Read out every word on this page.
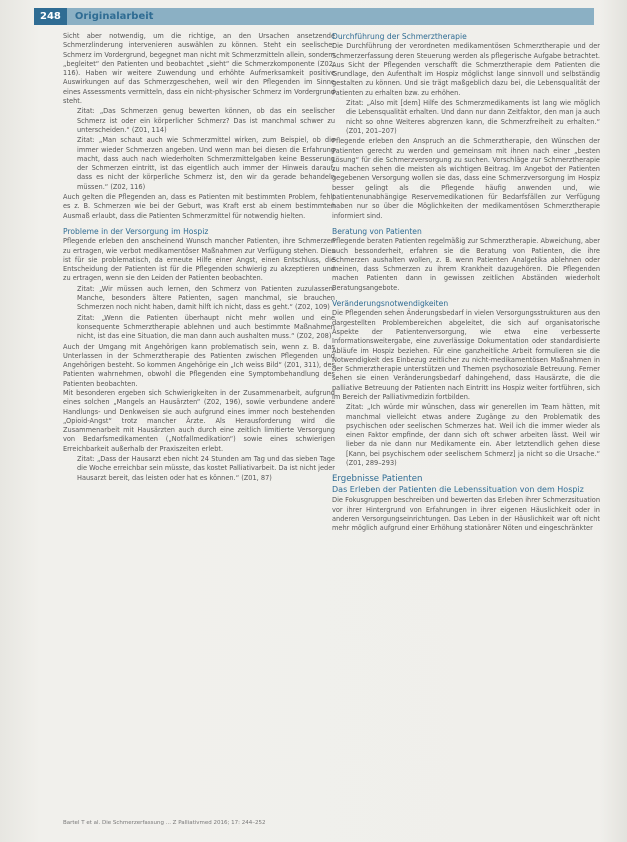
248	Originalarbeit

Sicht aber notwendig, um die richtige, an den Ursachen ansetzende Schmerzlinderung intervenieren auswählen zu können. Steht ein seelischer Schmerz im Vordergrund, begegnet man nicht mit Schmerzmitteln allein, sondern „begleitet“ den Patienten und beobachtet „sieht“ die Schmerzkomponente (Z02, 116). Haben wir weitere Zuwendung und erhöhte Aufmerksamkeit positive Auswirkungen auf das Schmerzgeschehen, weil wir den Pflegenden im Sinne eines Assessments vermitteln, dass ein nicht-physischer Schmerz im Vordergrund steht.

Zitat: „Das Schmerzen genug bewerten können, ob das ein seelischer Schmerz ist oder ein körperlicher Schmerz? Das ist manchmal schwer zu unterscheiden.“ (Z01, 114)

Zitat: „Man schaut auch wie Schmerzmittel wirken, zum Beispiel, ob die immer wieder Schmerzen angeben. Und wenn man bei diesen die Erfahrung macht, dass auch nach wiederholten Schmerzmittelgaben keine Besserung der Schmerzen eintritt, ist das eigentlich auch immer der Hinweis darauf, dass es nicht der körperliche Schmerz ist, den wir da gerade behandeln müssen.“ (Z02, 116)

Auch gelten die Pflegenden an, dass es Patienten mit bestimmten Problem, fehlt es z. B. Schmerzen wie bei der Geburt, was Kraft erst ab einem bestimmten Ausmaß erlaubt, dass die Patienten Schmerzmittel für notwendig hielten.

Probleme in der Versorgung im Hospiz

Pflegende erleben den anscheinend Wunsch mancher Patienten, ihre Schmerzen zu ertragen, wie verbot medikamentöser Maßnahmen zur Verfügung stehen. Dies ist für sie problematisch, da erneute Hilfe einer Angst, einen Entschluss, die Entscheidung der Patienten ist für die Pflegenden schwierig zu akzeptieren und zu ertragen, wenn sie den Leiden der Patienten beobachten.

Zitat: „Wir müssen auch lernen, den Schmerz von Patienten zuzulassen. Manche, besonders ältere Patienten, sagen manchmal, sie brauchen Schmerzen noch nicht haben, damit hilft ich nicht, dass es geht.“ (Z02, 109)

Zitat: „Wenn die Patienten überhaupt nicht mehr wollen und eine konsequente Schmerztherapie ablehnen und auch bestimmte Maßnahmen nicht, ist das eine Situation, die man dann auch aushalten muss.“ (Z02, 208)

Auch der Umgang mit Angehörigen kann problematisch sein, wenn z. B. das Unterlassen in der Schmerztherapie des Patienten zwischen Pflegenden und Angehörigen besteht. So kommen Angehörige ein „Ich weiss Bild“ (Z01, 311), des Patienten wahrnehmen, obwohl die Pflegenden eine Symptombehandlung des Patienten beobachten.

Mit besonderen ergeben sich Schwierigkeiten in der Zusammenarbeit, aufgrund eines solchen „Mangels an Hausärzten“ (Z02, 196), sowie verbundene andere Handlungs- und Denkweisen sie auch aufgrund eines immer noch bestehenden „Opioid-Angst“ trotz mancher Ärzte. Als Herausforderung wird die Zusammenarbeit mit Hausärzten auch durch eine zeitlich limitierte Versorgung von Bedarfsmedikamenten („Notfallmedikation“) sowie eines schwierigen Erreichbarkeit außerhalb der Praxiszeiten erlebt.

Zitat: „Dass der Hausarzt eben nicht 24 Stunden am Tag und das sieben Tage die Woche erreichbar sein müsste, das kostet Palliativarbeit. Da ist nicht jeder Hausarzt bereit, das leisten oder hat es können.“ (Z01, 87)

Durchführung der Schmerztherapie

Die Durchführung der verordneten medikamentösen Schmerztherapie und der Schmerzerfassung deren Steuerung werden als pflegerische Aufgabe betrachtet. Aus Sicht der Pflegenden verschafft die Schmerztherapie dem Patienten die Grundlage, den Aufenthalt im Hospiz möglichst lange sinnvoll und selbständig gestalten zu können. Und sie trägt maßgeblich dazu bei, die Lebensqualität der Patienten zu erhalten bzw. zu erhöhen.

Zitat: „Also mit [dem] Hilfe des Schmerzmedikaments ist lang wie möglich die Lebensqualität erhalten. Und dann nur dann Zeitfaktor, den man ja auch nicht so ohne Weiteres abgrenzen kann, die Schmerzfreiheit zu erhalten.“ (Z01, 201–207)

Pflegende erleben den Anspruch an die Schmerztherapie, den Wünschen der Patienten gerecht zu werden und gemeinsam mit ihnen nach einer „besten Lösung“ für die Schmerzversorgung zu suchen. Vorschläge zur Schmerztherapie zu machen sehen die meisten als wichtigen Beitrag. Im Angebot der Patienten gegebenen Versorgung wollen sie das, dass eine Schmerzversorgung im Hospiz besser gelingt als die Pflegende häufig anwenden und, wie patientenunabhängige Reservemedikationen für Bedarfsfällen zur Verfügung haben nur so über die Möglichkeiten der medikamentösen Schmerztherapie informiert sind.

Beratung von Patienten

Pflegende beraten Patienten regelmäßig zur Schmerztherapie. Abweichung, aber auch bessonderheit, erfahren sie die Beratung von Patienten, die ihre Schmerzen aushalten wollen, z. B. wenn Patienten Analgetika ablehnen oder meinen, dass Schmerzen zu ihrem Krankheit dazugehören. Die Pflegenden machen Patienten dann in gewissen zeitlichen Abständen wiederholt Beratungsangebote.

Veränderungsnotwendigkeiten

Die Pflegenden sehen Änderungsbedarf in vielen Versorgungsstrukturen aus den dargestellten Problembereichen abgeleitet, die sich auf organisatorische Aspekte der Patientenversorgung, wie etwa eine verbesserte Informationsweitergabe, eine zuverlässige Dokumentation oder standardisierte Abläufe im Hospiz beziehen. Für eine ganzheitliche Arbeit formulieren sie die Notwendigkeit des Einbezug zeitlicher zu nicht-medikamentösen Maßnahmen in der Schmerztherapie unterstützen und Themen psychosoziale Betreuung. Ferner sehen sie einen Veränderungsbedarf dahingehend, dass Hausärzte, die die palliative Betreuung der Patienten nach Eintritt ins Hospiz weiter fortführen, sich im Bereich der Palliativmedizin fortbilden.

Zitat: „Ich würde mir wünschen, dass wir generellen im Team hätten, mit manchmal vielleicht etwas andere Zugänge zu den Problematik des psychischen oder seelischen Schmerzes hat. Weil ich die immer wieder als einen Faktor empfinde, der dann sich oft schwer arbeiten lässt. Weil wir lieber da nie dann nur Medikamente ein. Aber letztendlich gehen diese [Kann, bei psychischem oder seelischem Schmerz] ja nicht so die Ursache.“ (Z01, 289–293)

Ergebnisse Patienten
Das Erleben der Patienten die Lebenssituation von dem Hospiz

Die Fokusgruppen beschreiben und bewerten das Erleben ihrer Schmerzsituation vor ihrer Hintergrund von Erfahrungen in ihrer eigenen Häuslichkeit oder in anderen Versorgungseinrichtungen. Das Leben in der Häuslichkeit war oft nicht mehr möglich aufgrund einer Erhöhung stationärer Nöten und eingeschränkter

Bartel T et al. Die Schmerzerfassung ... Z Palliativmed 2016; 17: 244–252
